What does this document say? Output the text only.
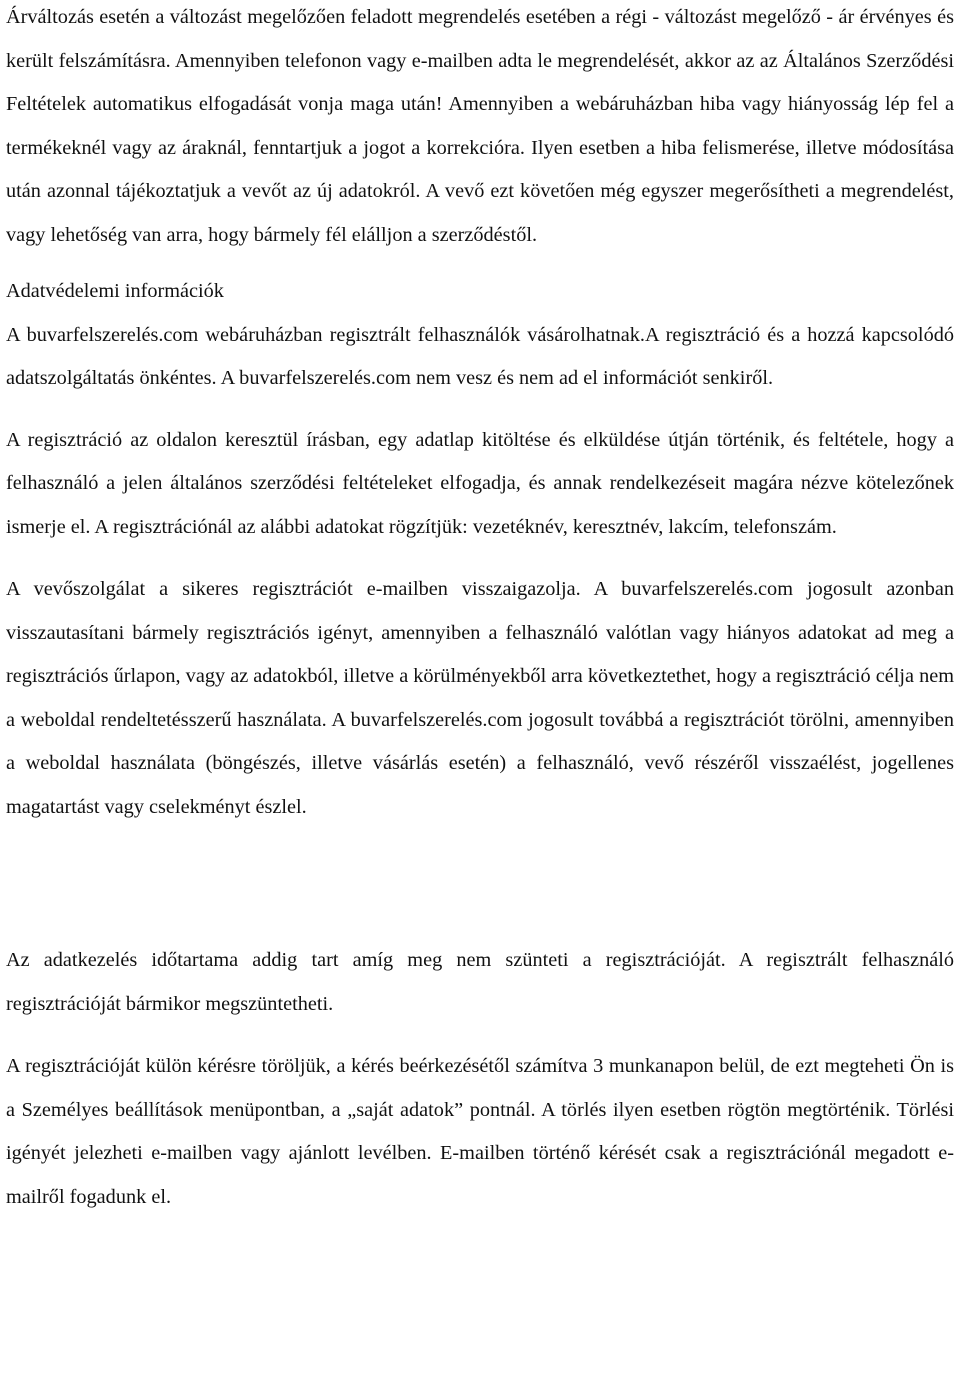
Árváltozás esetén a változást megelőzően feladott megrendelés esetében a régi - változást megelőző - ár érvényes és került felszámításra. Amennyiben telefonon vagy e-mailben adta le megrendelését, akkor az az Általános Szerződési Feltételek automatikus elfogadását vonja maga után! Amennyiben a webáruházban hiba vagy hiányosság lép fel a termékeknél vagy az áraknál, fenntartjuk a jogot a korrekcióra. Ilyen esetben a hiba felismerése, illetve módosítása után azonnal tájékoztatjuk a vevőt az új adatokról. A vevő ezt követően még egyszer megerősítheti a megrendelést, vagy lehetőség van arra, hogy bármely fél elálljon a szerződéstől.

Adatvédelemi információk

A buvarfelszerelés.com webáruházban regisztrált felhasználók vásárolhatnak.A regisztráció és a hozzá kapcsolódó adatszolgáltatás önkéntes. A buvarfelszerelés.com nem vesz és nem ad el információt senkiről.

A regisztráció az oldalon keresztül írásban, egy adatlap kitöltése és elküldése útján történik, és feltétele, hogy a felhasználó a jelen általános szerződési feltételeket elfogadja, és annak rendelkezéseit magára nézve kötelezőnek ismerje el. A regisztrációnál az alábbi adatokat rögzítjük: vezetéknév, keresztnév, lakcím, telefonszám.

A vevőszolgálat a sikeres regisztrációt e-mailben visszaigazolja. A buvarfelszerelés.com jogosult azonban visszautasítani bármely regisztrációs igényt, amennyiben a felhasználó valótlan vagy hiányos adatokat ad meg a regisztrációs űrlapon, vagy az adatokból, illetve a körülményekből arra következtethet, hogy a regisztráció célja nem a weboldal rendeltetésszerű használata. A buvarfelszerelés.com jogosult továbbá a regisztrációt törölni, amennyiben a weboldal használata (böngészés, illetve vásárlás esetén) a felhasználó, vevő részéről visszaélést, jogellenes magatartást vagy cselekményt észlel.

Az adatkezelés időtartama addig tart amíg meg nem szünteti a regisztrációját. A regisztrált felhasználó regisztrációját bármikor megszüntetheti.

A regisztrációját külön kérésre töröljük, a kérés beérkezésétől számítva 3 munkanapon belül, de ezt megteheti Ön is a Személyes beállítások menüpontban, a „saját adatok” pontnál. A törlés ilyen esetben rögtön megtörténik. Törlési igényét jelezheti e-mailben vagy ajánlott levélben. E-mailben történő kérését csak a regisztrációnál megadott e-mailről fogadunk el.
